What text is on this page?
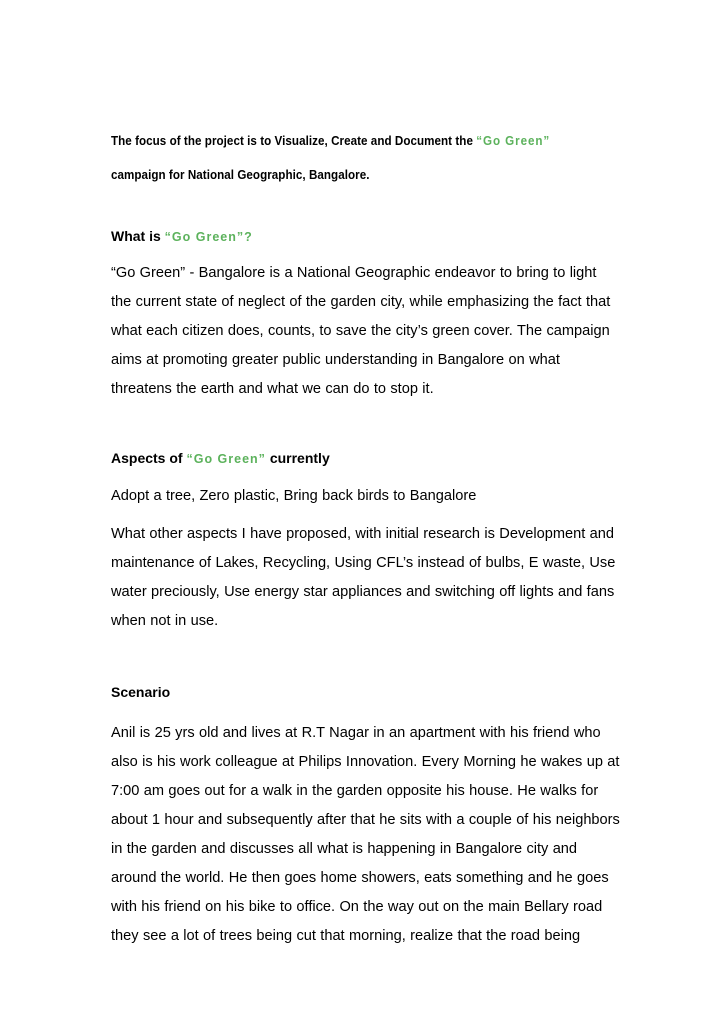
The focus of the project is to Visualize, Create and Document the “Go Green”
campaign for National Geographic, Bangalore.

What is “Go Green”?

“Go Green” - Bangalore is a National Geographic endeavor to bring to light
the current state of neglect of the garden city, while emphasizing the fact that
what each citizen does, counts, to save the city’s green cover. The campaign
aims at promoting greater public understanding in Bangalore on what
threatens the earth and what we can do to stop it.

Aspects of “Go Green” currently

Adopt a tree, Zero plastic, Bring back birds to Bangalore

What other aspects I have proposed, with initial research is Development and
maintenance of Lakes, Recycling, Using CFL’s instead of bulbs, E waste, Use
water preciously, Use energy star appliances and switching off lights and fans
when not in use.

Scenario

Anil is 25 yrs old and lives at R.T Nagar in an apartment with his friend who
also is his work colleague at Philips Innovation. Every Morning he wakes up at
7:00 am goes out for a walk in the garden opposite his house. He walks for
about 1 hour and subsequently after that he sits with a couple of his neighbors
in the garden and discusses all what is happening in Bangalore city and
around the world. He then goes home showers, eats something and he goes
with his friend on his bike to office. On the way out on the main Bellary road
they see a lot of trees being cut that morning, realize that the road being
